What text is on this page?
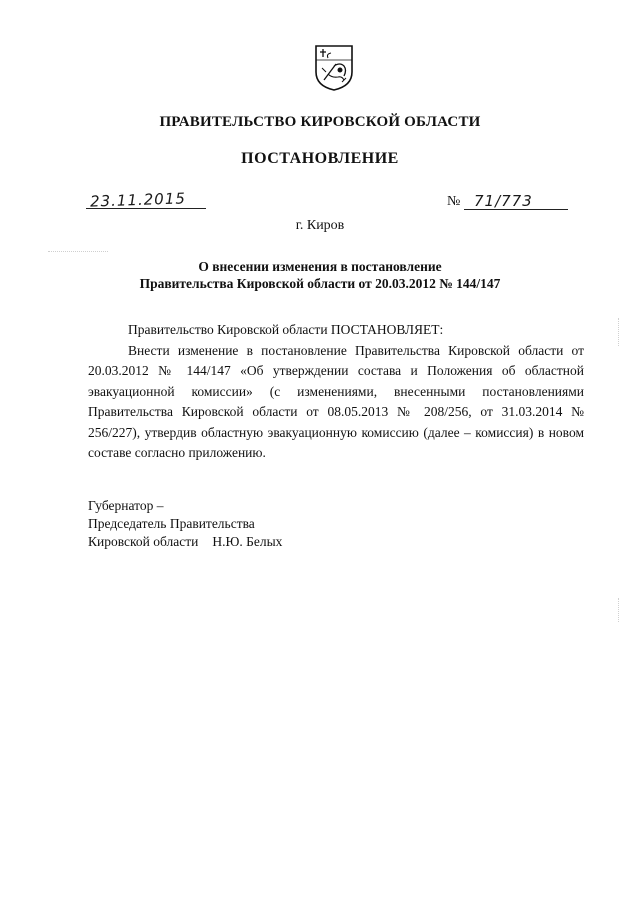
ПРАВИТЕЛЬСТВО КИРОВСКОЙ ОБЛАСТИ
ПОСТАНОВЛЕНИЕ
23.11.2015	№ 71/773
г. Киров
О внесении изменения в постановление
Правительства Кировской области от 20.03.2012 № 144/147

Правительство Кировской области ПОСТАНОВЛЯЕТ:

Внести изменение в постановление Правительства Кировской области от 20.03.2012 № 144/147 «Об утверждении состава и Положения об областной эвакуационной комиссии» (с изменениями, внесенными постановлениями Правительства Кировской области от 08.05.2013 № 208/256, от 31.03.2014 № 256/227), утвердив областную эвакуационную комиссию (далее – комиссия) в новом составе согласно приложению.

Губернатор –
Председатель Правительства
Кировской области Н.Ю. Белых
